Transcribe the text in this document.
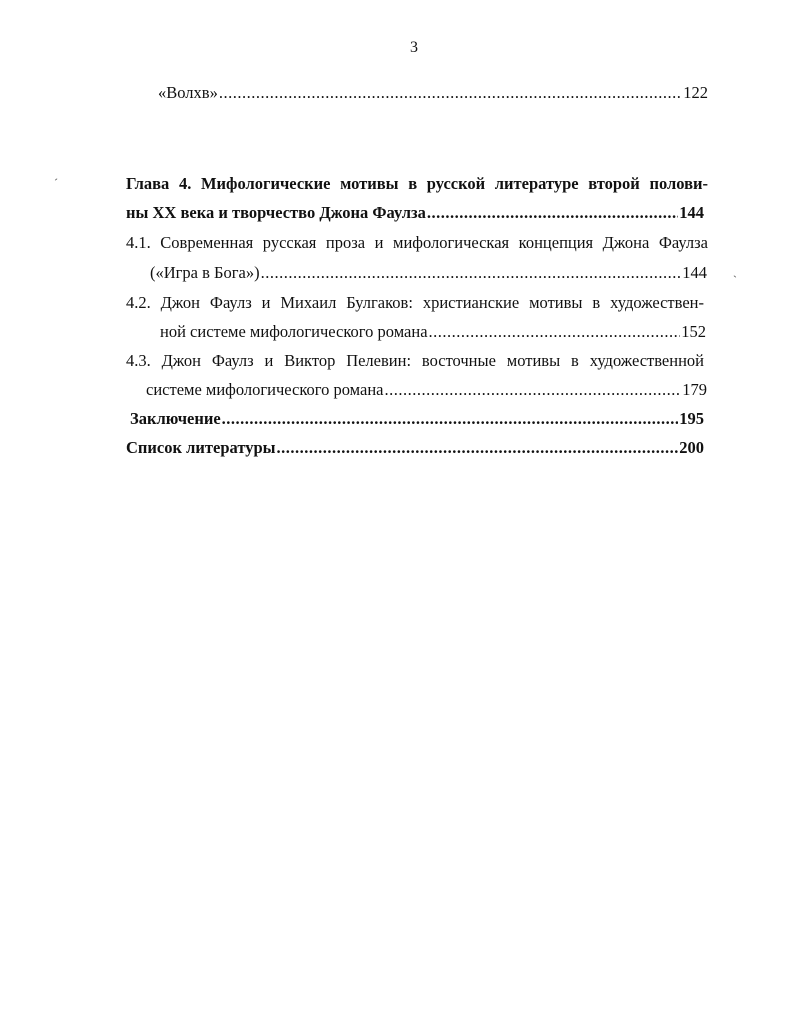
3
«Волхв» .....	122
Глава 4. Мифологические мотивы в русской литературе второй полови-
ны XX века и творчество Джона Фаулза .....	144
4.1. Современная русская проза и мифологическая концепция Джона Фаулза
(«Игра в Бога») .....	144
4.2. Джон Фаулз и Михаил Булгаков: христианские мотивы в художествен-
ной системе мифологического романа .....	152
4.3. Джон Фаулз и Виктор Пелевин: восточные мотивы в художественной
системе мифологического романа .....	179
Заключение .....	195
Список литературы .....	200
ˊ
ˏ
